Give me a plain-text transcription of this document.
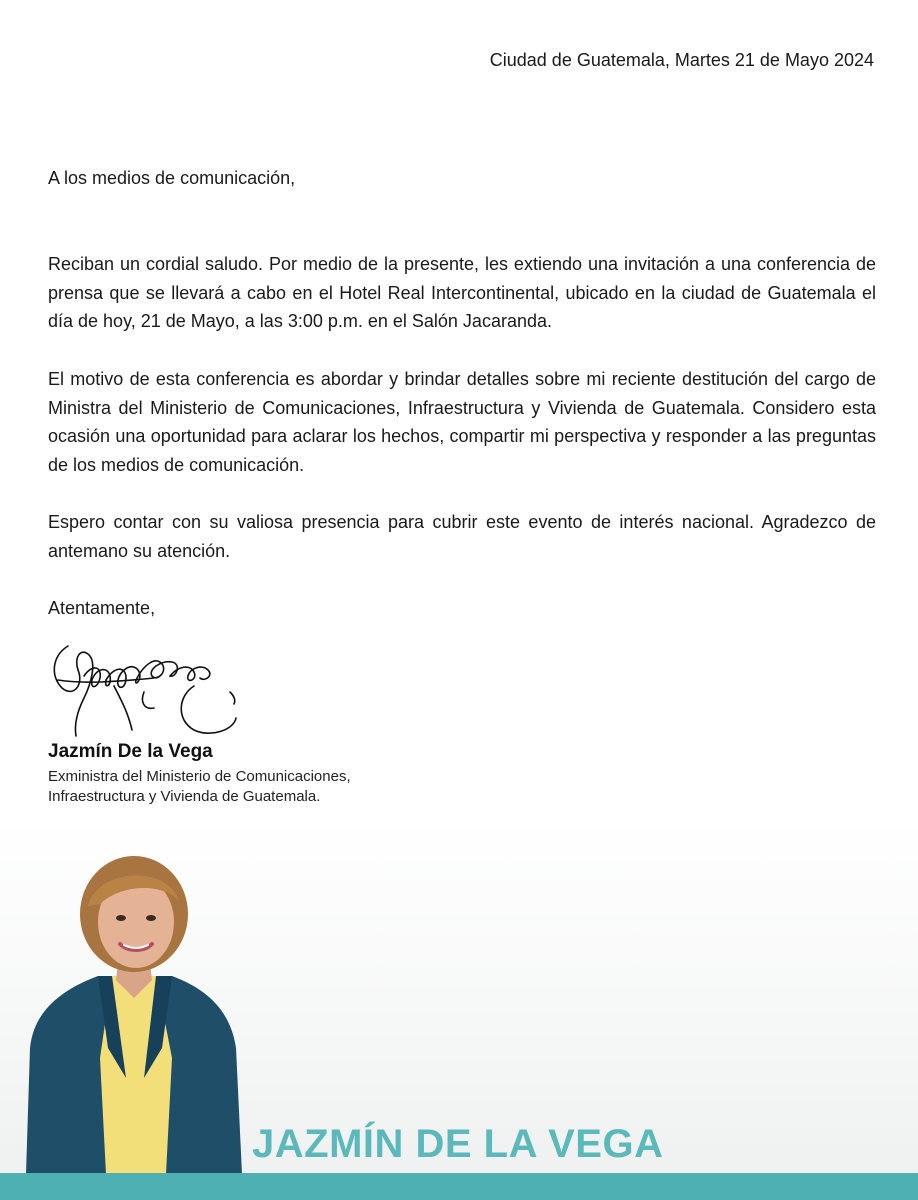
Ciudad de Guatemala, Martes 21 de Mayo 2024
A los medios de comunicación,

Reciban un cordial saludo. Por medio de la presente, les extiendo una invitación a una conferencia de prensa que se llevará a cabo en el Hotel Real Intercontinental, ubicado en la ciudad de Guatemala el día de hoy, 21 de Mayo, a las 3:00 p.m. en el Salón Jacaranda.

El motivo de esta conferencia es abordar y brindar detalles sobre mi reciente destitución del cargo de Ministra del Ministerio de Comunicaciones, Infraestructura y Vivienda de Guatemala. Considero esta ocasión una oportunidad para aclarar los hechos, compartir mi perspectiva y responder a las preguntas de los medios de comunicación.

Espero contar con su valiosa presencia para cubrir este evento de interés nacional. Agradezco de antemano su atención.

Atentamente,
Jazmín De la Vega
Exministra del Ministerio de Comunicaciones,
Infraestructura y Vivienda de Guatemala.
JAZMÍN DE LA VEGA
